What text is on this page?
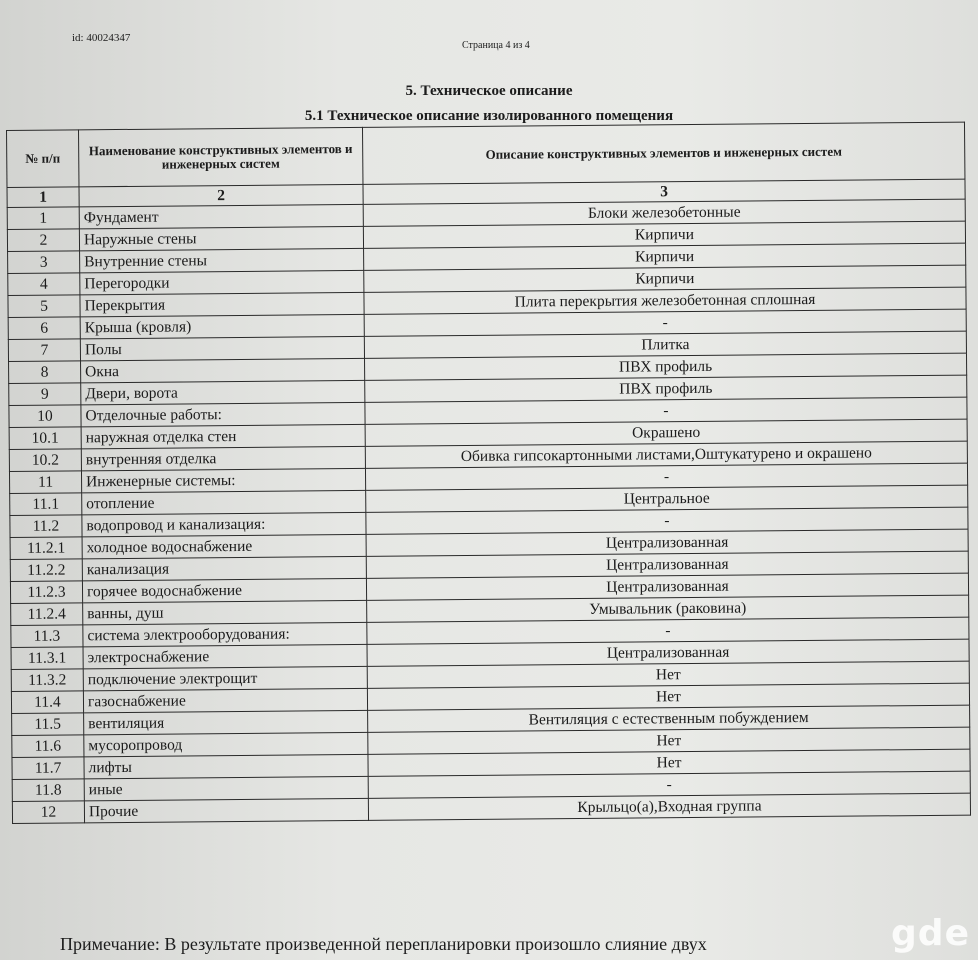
id: 40024347
Страница 4 из 4
5. Техническое описание
5.1 Техническое описание изолированного помещения
№ п/п	Наименование конструктивных элементов и инженерных систем	Описание конструктивных элементов и инженерных систем
1	2	3
1	Фундамент	Блоки железобетонные
2	Наружные стены	Кирпичи
3	Внутренние стены	Кирпичи
4	Перегородки	Кирпичи
5	Перекрытия	Плита перекрытия железобетонная сплошная
6	Крыша (кровля)	-
7	Полы	Плитка
8	Окна	ПВХ профиль
9	Двери, ворота	ПВХ профиль
10	Отделочные работы:	-
10.1	наружная отделка стен	Окрашено
10.2	внутренняя отделка	Обивка гипсокартонными листами,Оштукатурено и окрашено
11	Инженерные системы:	-
11.1	отопление	Центральное
11.2	водопровод и канализация:	-
11.2.1	холодное водоснабжение	Централизованная
11.2.2	канализация	Централизованная
11.2.3	горячее водоснабжение	Централизованная
11.2.4	ванны, душ	Умывальник (раковина)
11.3	система электрооборудования:	-
11.3.1	электроснабжение	Централизованная
11.3.2	подключение электрощит	Нет
11.4	газоснабжение	Нет
11.5	вентиляция	Вентиляция с естественным побуждением
11.6	мусоропровод	Нет
11.7	лифты	Нет
11.8	иные	-
12	Прочие	Крыльцо(а),Входная группа
Примечание: В результате произведенной перепланировки произошло слияние двух	gde
